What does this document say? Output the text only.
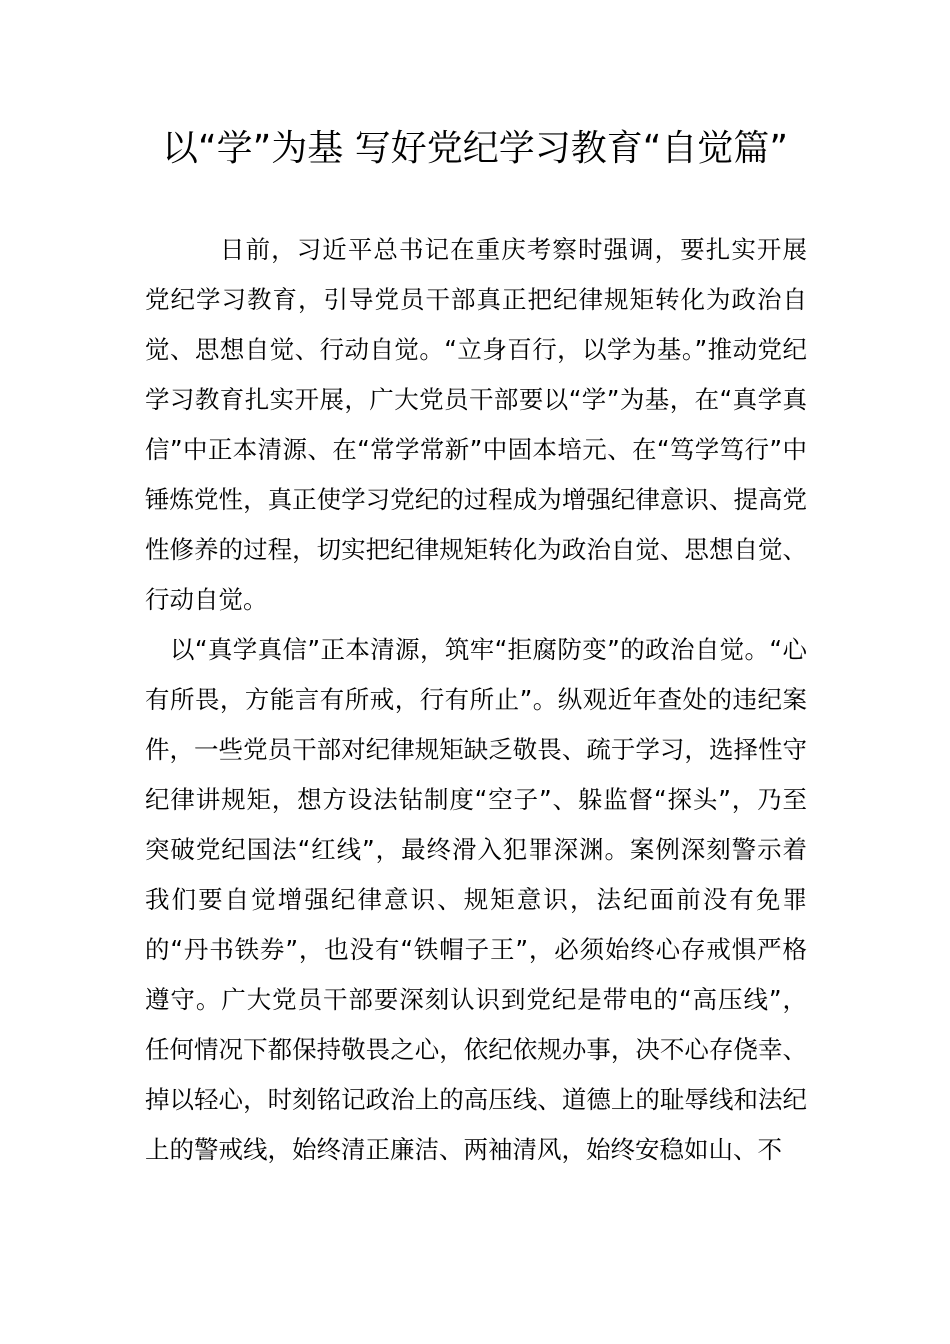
以“学”为基 写好党纪学习教育“自觉篇”

日前，习近平总书记在重庆考察时强调，要扎实开展党纪学习教育，引导党员干部真正把纪律规矩转化为政治自觉、思想自觉、行动自觉。“立身百行，以学为基。”推动党纪学习教育扎实开展，广大党员干部要以“学”为基，在“真学真信”中正本清源、在“常学常新”中固本培元、在“笃学笃行”中锤炼党性，真正使学习党纪的过程成为增强纪律意识、提高党性修养的过程，切实把纪律规矩转化为政治自觉、思想自觉、行动自觉。

以“真学真信”正本清源，筑牢“拒腐防变”的政治自觉。“心有所畏，方能言有所戒，行有所止”。纵观近年查处的违纪案件，一些党员干部对纪律规矩缺乏敬畏、疏于学习，选择性守纪律讲规矩，想方设法钻制度“空子”、躲监督“探头”，乃至突破党纪国法“红线”，最终滑入犯罪深渊。案例深刻警示着我们要自觉增强纪律意识、规矩意识，法纪面前没有免罪的“丹书铁券”，也没有“铁帽子王”，必须始终心存戒惧严格遵守。广大党员干部要深刻认识到党纪是带电的“高压线”，任何情况下都保持敬畏之心，依纪依规办事，决不心存侥幸、掉以轻心，时刻铭记政治上的高压线、道德上的耻辱线和法纪上的警戒线，始终清正廉洁、两袖清风，始终安稳如山、不
